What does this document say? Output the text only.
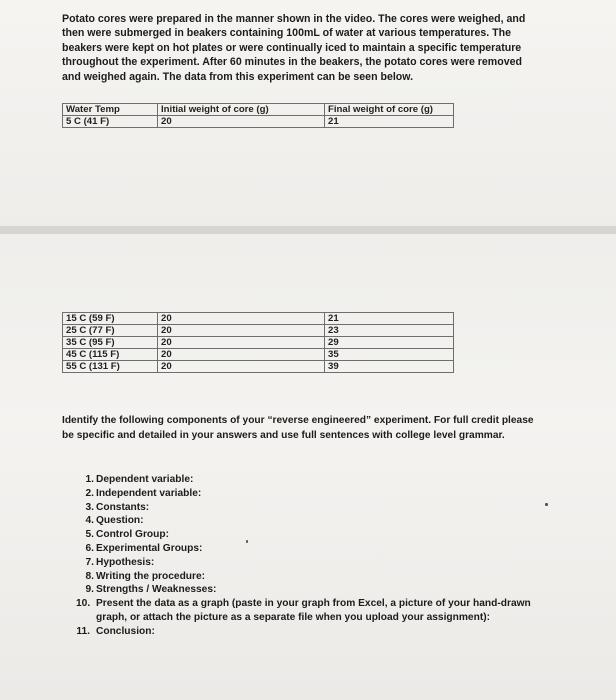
Potato cores were prepared in the manner shown in the video. The cores were weighed, and then were submerged in beakers containing 100mL of water at various temperatures. The beakers were kept on hot plates or were continually iced to maintain a specific temperature throughout the experiment. After 60 minutes in the beakers, the potato cores were removed and weighed again. The data from this experiment can be seen below.

Water Temp	Initial weight of core (g)	Final weight of core (g)
5 C (41 F)	20	21
15 C (59 F)	20	21
25 C (77 F)	20	23
35 C (95 F)	20	29
45 C (115 F)	20	35
55 C (131 F)	20	39

Identify the following components of your “reverse engineered” experiment. For full credit please be specific and detailed in your answers and use full sentences with college level grammar.

1. Dependent variable:
2. Independent variable:
3. Constants:
4. Question:
5. Control Group:
6. Experimental Groups:
7. Hypothesis:
8. Writing the procedure:
9. Strengths / Weaknesses:
10. Present the data as a graph (paste in your graph from Excel, a picture of your hand-drawn graph, or attach the picture as a separate file when you upload your assignment):
11. Conclusion:
